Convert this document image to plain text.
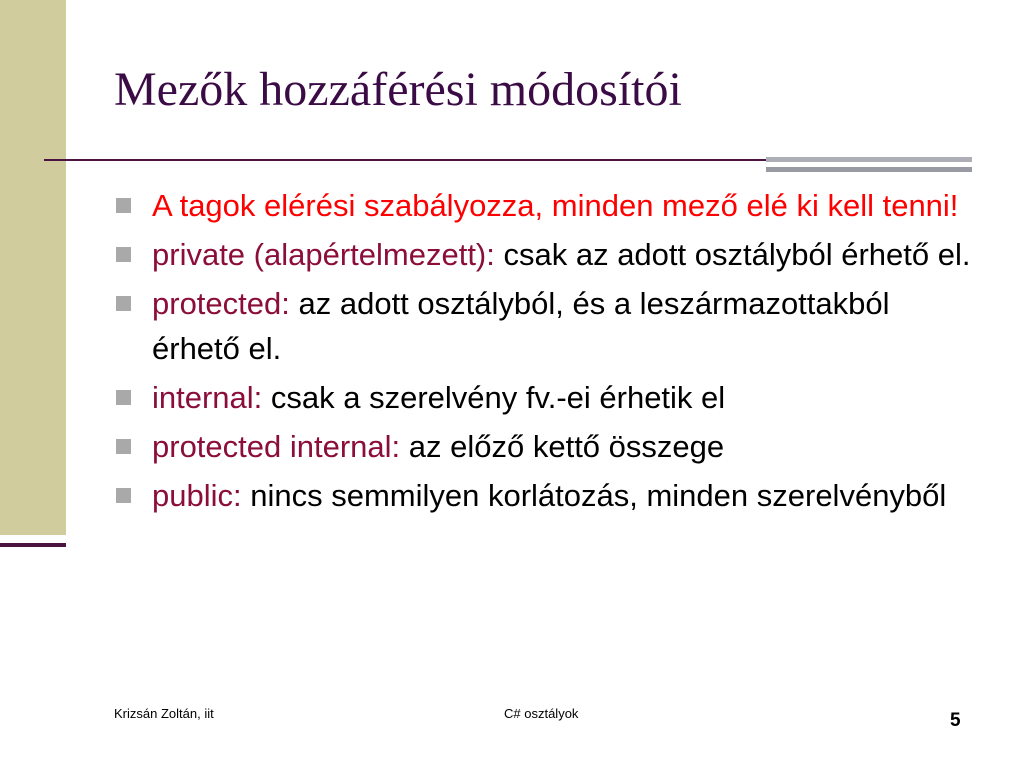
Mezők hozzáférési módosítói
A tagok elérési szabályozza, minden mező elé ki kell tenni!
private (alapértelmezett): csak az adott osztályból érhető el.
protected: az adott osztályból, és a leszármazottakból érhető el.
internal: csak a szerelvény fv.-ei érhetik el
protected internal: az előző kettő összege
public: nincs semmilyen korlátozás, minden szerelvényből
Krizsán Zoltán, iit	C# osztályok	5
